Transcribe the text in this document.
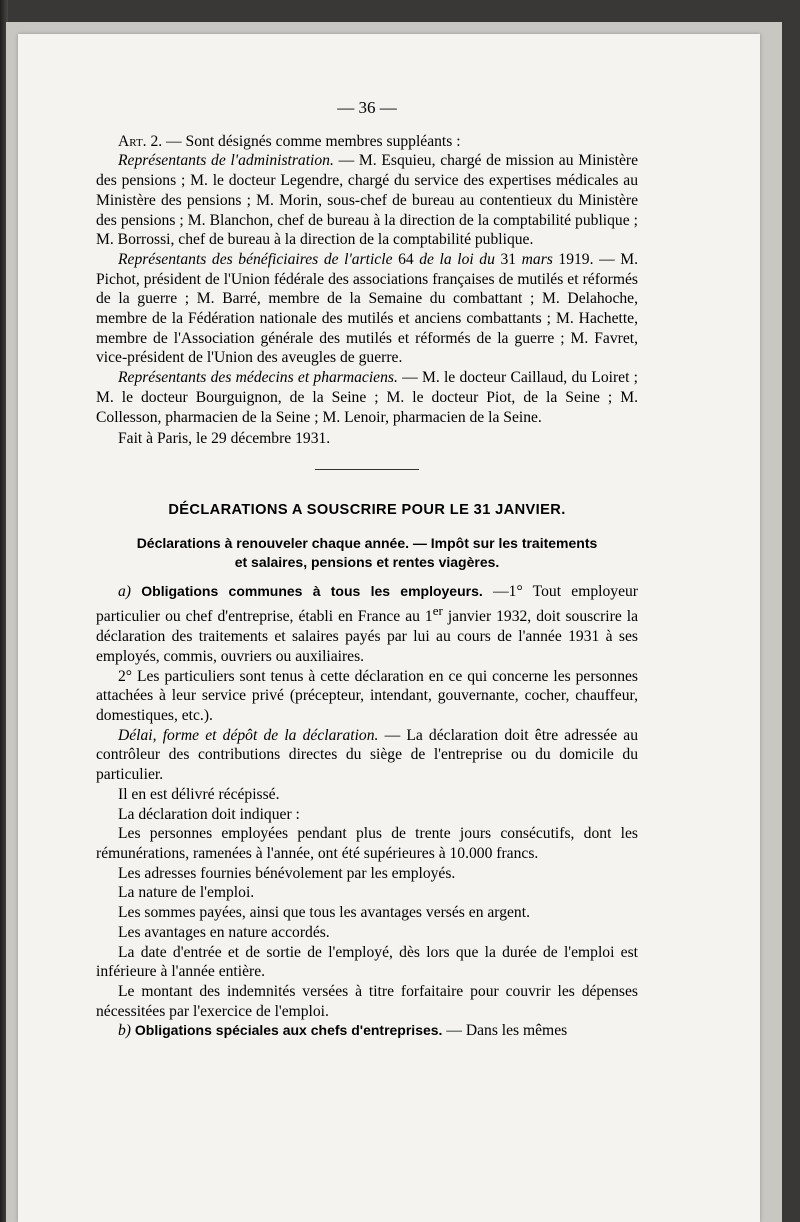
— 36 —

Art. 2. — Sont désignés comme membres suppléants :

Représentants de l'administration. — M. Esquieu, chargé de mission au Ministère des pensions ; M. le docteur Legendre, chargé du service des expertises médicales au Ministère des pensions ; M. Morin, sous-chef de bureau au contentieux du Ministère des pensions ; M. Blanchon, chef de bureau à la direction de la comptabilité publique ; M. Borrossi, chef de bureau à la direction de la comptabilité publique.

Représentants des bénéficiaires de l'article 64 de la loi du 31 mars 1919. — M. Pichot, président de l'Union fédérale des associations françaises de mutilés et réformés de la guerre ; M. Barré, membre de la Semaine du combattant ; M. Delahoche, membre de la Fédération nationale des mutilés et anciens combattants ; M. Hachette, membre de l'Association générale des mutilés et réformés de la guerre ; M. Favret, vice-président de l'Union des aveugles de guerre.

Représentants des médecins et pharmaciens. — M. le docteur Caillaud, du Loiret ; M. le docteur Bourguignon, de la Seine ; M. le docteur Piot, de la Seine ; M. Collesson, pharmacien de la Seine ; M. Lenoir, pharmacien de la Seine.

Fait à Paris, le 29 décembre 1931.

DÉCLARATIONS A SOUSCRIRE POUR LE 31 JANVIER.

Déclarations à renouveler chaque année. — Impôt sur les traitements
et salaires, pensions et rentes viagères.

a) Obligations communes à tous les employeurs. —1° Tout employeur particulier ou chef d'entreprise, établi en France au 1er janvier 1932, doit souscrire la déclaration des traitements et salaires payés par lui au cours de l'année 1931 à ses employés, commis, ouvriers ou auxiliaires.

2° Les particuliers sont tenus à cette déclaration en ce qui concerne les personnes attachées à leur service privé (précepteur, intendant, gouvernante, cocher, chauffeur, domestiques, etc.).

Délai, forme et dépôt de la déclaration. — La déclaration doit être adressée au contrôleur des contributions directes du siège de l'entreprise ou du domicile du particulier.

Il en est délivré récépissé.

La déclaration doit indiquer :

Les personnes employées pendant plus de trente jours consécutifs, dont les rémunérations, ramenées à l'année, ont été supérieures à 10.000 francs.

Les adresses fournies bénévolement par les employés.

La nature de l'emploi.

Les sommes payées, ainsi que tous les avantages versés en argent.

Les avantages en nature accordés.

La date d'entrée et de sortie de l'employé, dès lors que la durée de l'emploi est inférieure à l'année entière.

Le montant des indemnités versées à titre forfaitaire pour couvrir les dépenses nécessitées par l'exercice de l'emploi.

b) Obligations spéciales aux chefs d'entreprises. — Dans les mêmes
